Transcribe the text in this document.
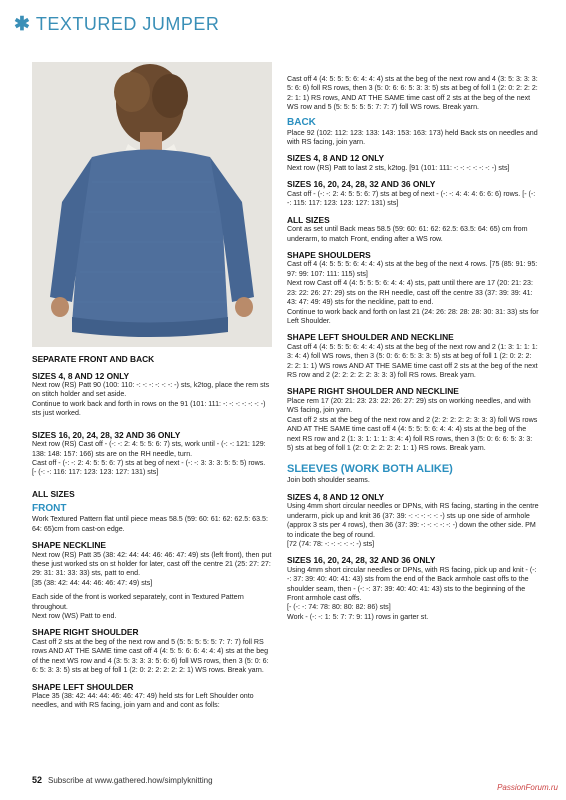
✱ TEXTURED JUMPER
SEPARATE FRONT AND BACK
SIZES 4, 8 AND 12 ONLY

Next row (RS) Patt 90 (100: 110: -: -: -: -: -: -: -) sts, k2tog, place the rem sts on stitch holder and set aside.

Continue to work back and forth in rows on the 91 (101: 111: -: -: -: -: -: -: -) sts just worked.

SIZES 16, 20, 24, 28, 32 AND 36 ONLY

Next row (RS) Cast off - (-: -: 2: 4: 5: 5: 6: 7) sts, work until - (-: -: 121: 129: 138: 148: 157: 166) sts are on the RH needle, turn.

Cast off - (-: -: 2: 4: 5: 5: 6: 7) sts at beg of next - (-: -: 3: 3: 3: 5: 5: 5) rows.

[- (-: -: 116: 117: 123: 123: 127: 131) sts]

ALL SIZES
FRONT

Work Textured Pattern flat until piece meas 58.5 (59: 60: 61: 62: 62.5: 63.5: 64: 65)cm from cast-on edge.

SHAPE NECKLINE

Next row (RS) Patt 35 (38: 42: 44: 44: 46: 46: 47: 49) sts (left front), then put these just worked sts on st holder for later, cast off the centre 21 (25: 27: 27: 29: 31: 31: 33: 33) sts, patt to end.

[35 (38: 42: 44: 44: 46: 46: 47: 49) sts]

Each side of the front is worked separately, cont in Textured Pattern throughout.

Next row (WS) Patt to end.

SHAPE RIGHT SHOULDER

Cast off 2 sts at the beg of the next row and 5 (5: 5: 5: 5: 5: 7: 7: 7) foll RS rows AND AT THE SAME time cast off 4 (4: 5: 5: 6: 6: 4: 4: 4) sts at the beg of the next WS row and 4 (3: 5: 3: 3: 3: 5: 6: 6) foll WS rows, then 3 (5: 0: 6: 6: 5: 3: 3: 5) sts at beg of foll 1 (2: 0: 2: 2: 2: 2: 2: 1) WS rows. Break yarn.

SHAPE LEFT SHOULDER

Place 35 (38: 42: 44: 44: 46: 46: 47: 49) held sts for Left Shoulder onto needles, and with RS facing, join yarn and and cont as folls:

Cast off 4 (4: 5: 5: 5: 6: 4: 4: 4) sts at the beg of the next row and 4 (3: 5: 3: 3: 3: 5: 6: 6) foll RS rows, then 3 (5: 0: 6: 6: 5: 3: 3: 5) sts at beg of foll 1 (2: 0: 2: 2: 2: 2: 1: 1) RS rows, AND AT THE SAME time cast off 2 sts at the beg of the next WS row and 5 (5: 5: 5: 5: 5: 7: 7: 7) foll WS rows. Break yarn.

BACK

Place 92 (102: 112: 123: 133: 143: 153: 163: 173) held Back sts on needles and with RS facing, join yarn.

SIZES 4, 8 AND 12 ONLY

Next row (RS) Patt to last 2 sts, k2tog. [91 (101: 111: -: -: -: -: -: -: -) sts]

SIZES 16, 20, 24, 28, 32 AND 36 ONLY

Cast off - (-: -: 2: 4: 5: 5: 6: 7) sts at beg of next - (-: -: 4: 4: 4: 6: 6: 6) rows. [- (-: -: 115: 117: 123: 123: 127: 131) sts]

ALL SIZES

Cont as set until Back meas 58.5 (59: 60: 61: 62: 62.5: 63.5: 64: 65) cm from underarm, to match Front, ending after a WS row.

SHAPE SHOULDERS

Cast off 4 (4: 5: 5: 5: 6: 4: 4: 4) sts at the beg of the next 4 rows. [75 (85: 91: 95: 97: 99: 107: 111: 115) sts]

Next row Cast off 4 (4: 5: 5: 5: 6: 4: 4: 4) sts, patt until there are 17 (20: 21: 23: 23: 22: 26: 27: 29) sts on the RH needle, cast off the centre 33 (37: 39: 39: 41: 43: 47: 49: 49) sts for the neckline, patt to end.

Continue to work back and forth on last 21 (24: 26: 28: 28: 28: 30: 31: 33) sts for Left Shoulder.

SHAPE LEFT SHOULDER AND NECKLINE

Cast off 4 (4: 5: 5: 5: 6: 4: 4: 4) sts at the beg of the next row and 2 (1: 3: 1: 1: 1: 3: 4: 4) foll WS rows, then 3 (5: 0: 6: 6: 5: 3: 3: 5) sts at beg of foll 1 (2: 0: 2: 2: 2: 2: 1: 1) WS rows AND AT THE SAME time cast off 2 sts at the beg of the next RS row and 2 (2: 2: 2: 2: 2: 3: 3: 3) foll RS rows. Break yarn.

SHAPE RIGHT SHOULDER AND NECKLINE

Place rem 17 (20: 21: 23: 23: 22: 26: 27: 29) sts on working needles, and with WS facing, join yarn.

Cast off 2 sts at the beg of the next row and 2 (2: 2: 2: 2: 2: 3: 3: 3) foll WS rows AND AT THE SAME time cast off 4 (4: 5: 5: 5: 6: 4: 4: 4) sts at the beg of the next RS row and 2 (1: 3: 1: 1: 1: 3: 4: 4) foll RS rows, then 3 (5: 0: 6: 6: 5: 3: 3: 5) sts at beg of foll 1 (2: 0: 2: 2: 2: 2: 1: 1) RS rows. Break yarn.

SLEEVES (WORK BOTH ALIKE)

Join both shoulder seams.

SIZES 4, 8 AND 12 ONLY

Using 4mm short circular needles or DPNs, with RS facing, starting in the centre underarm, pick up and knit 36 (37: 39: -: -: -: -: -: -) sts up one side of armhole (approx 3 sts per 4 rows), then 36 (37: 39: -: -: -: -: -: -) down the other side. PM to indicate the beg of round.

[72 (74: 78: -: -: -: -: -: -) sts]

SIZES 16, 20, 24, 28, 32 AND 36 ONLY

Using 4mm short circular needles or DPNs, with RS facing, pick up and knit - (-: -: 37: 39: 40: 40: 41: 43) sts from the end of the Back armhole cast offs to the shoulder seam, then - (-: -: 37: 39: 40: 40: 41: 43) sts to the beginning of the Front armhole cast offs.

[- (-: -: 74: 78: 80: 80: 82: 86) sts]

Work - (-: -: 1: 5: 7: 7: 9: 11) rows in garter st.

52 Subscribe at www.gathered.how/simplyknitting
PassionForum.ru
